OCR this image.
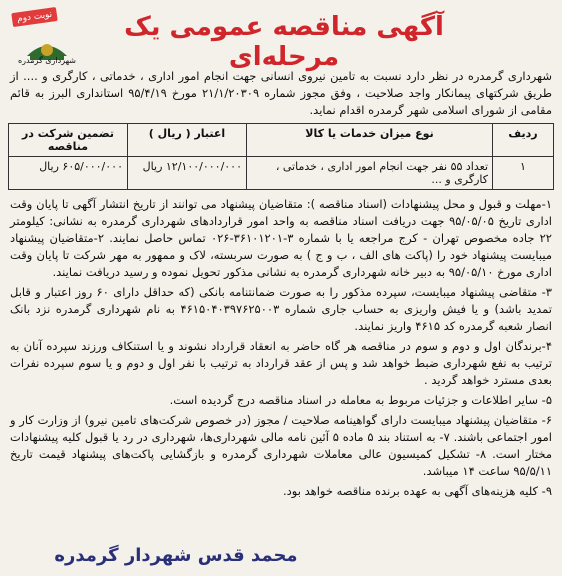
نوبت دوم	آگهی مناقصه عمومی یک مرحله‌ای
شهرداری گرمدره
شهرداری گرمدره در نظر دارد نسبت به تامین نیروی انسانی جهت انجام امور اداری ، خدماتی ، کارگری و .... از طریق شرکتهای پیمانکار واجد صلاحیت ، وفق مجوز شماره ۲۱/۱/۲۰۳۰۹ مورخ ۹۵/۴/۱۹ استانداری البرز به قائم مقامی از شورای اسلامی شهر گرمدره اقدام نماید.
ردیف	نوع میزان خدمات یا کالا	اعتبار ( ریال )	تضمین شرکت در مناقصه
۱	تعداد ۵۵ نفر جهت انجام امور اداری ، خدماتی ، کارگری و ...	۱۲/۱۰۰/۰۰۰/۰۰۰ ریال	۶۰۵/۰۰۰/۰۰۰ ریال

۱-مهلت و قبول و محل پیشنهادات (اسناد مناقصه ): متقاضیان پیشنهاد می توانند از تاریخ انتشار آگهی تا پایان وقت اداری تاریخ ۹۵/۰۵/۰۵ جهت دریافت اسناد مناقصه به واحد امور قراردادهای شهرداری گرمدره به نشانی: کیلومتر ۲۲ جاده مخصوص تهران - کرج مراجعه یا با شماره ۳-۳۶۱۰۱۲۰۱-۰۲۶ تماس حاصل نمایند. ۲-متقاضیان پیشنهاد میبایست پیشنهاد خود را (پاکت های الف ، ب و ج ) به صورت سربسته، لاک و ممهور به مهر شرکت تا پایان وقت اداری مورخ ۹۵/۰۵/۱۰ به دبیر خانه شهرداری گرمدره به نشانی مذکور تحویل نموده و رسید دریافت نمایند.

۳- متقاضی پیشنهاد میبایست، سپرده مذکور را به صورت ضمانتنامه بانکی (که حداقل دارای ۶۰ روز اعتبار و قابل تمدید باشد) و یا فیش واریزی به حساب جاری شماره ۴۶۱۵۰۴۰۳۹۷۶۲۵۰۰۳ به نام شهرداری گرمدره نزد بانک انصار شعبه گرمدره کد ۴۶۱۵ واریز نمایند.

۴-برندگان اول و دوم و سوم در مناقصه هر گاه حاضر به انعقاد قرارداد نشوند و یا استنکاف ورزند سپرده آنان به ترتیب به نفع شهرداری ضبط خواهد شد و پس از عقد قرارداد به ترتیب با نفر اول و دوم و یا سوم سپرده نفرات بعدی مسترد خواهد گردید .

۵- سایر اطلاعات و جزئیات مربوط به معامله در اسناد مناقصه درج گردیده است.

۶- متقاضیان پیشنهاد میبایست دارای گواهینامه صلاحیت / مجوز (در خصوص شرکت‌های تامین نیرو) از وزارت کار و امور اجتماعی باشند. ۷- به استناد بند ۵ ماده ۵ آئین نامه مالی شهرداری‌ها، شهرداری در رد یا قبول کلیه پیشنهادات مختار است. ۸- تشکیل کمیسیون عالی معاملات شهرداری گرمدره و بازگشایی پاکت‌های پیشنهاد قیمت تاریخ ۹۵/۵/۱۱ ساعت ۱۴ میباشد.

۹- کلیه هزینه‌های آگهی به عهده برنده مناقصه خواهد بود.

محمد قدس شهردار گرمدره
